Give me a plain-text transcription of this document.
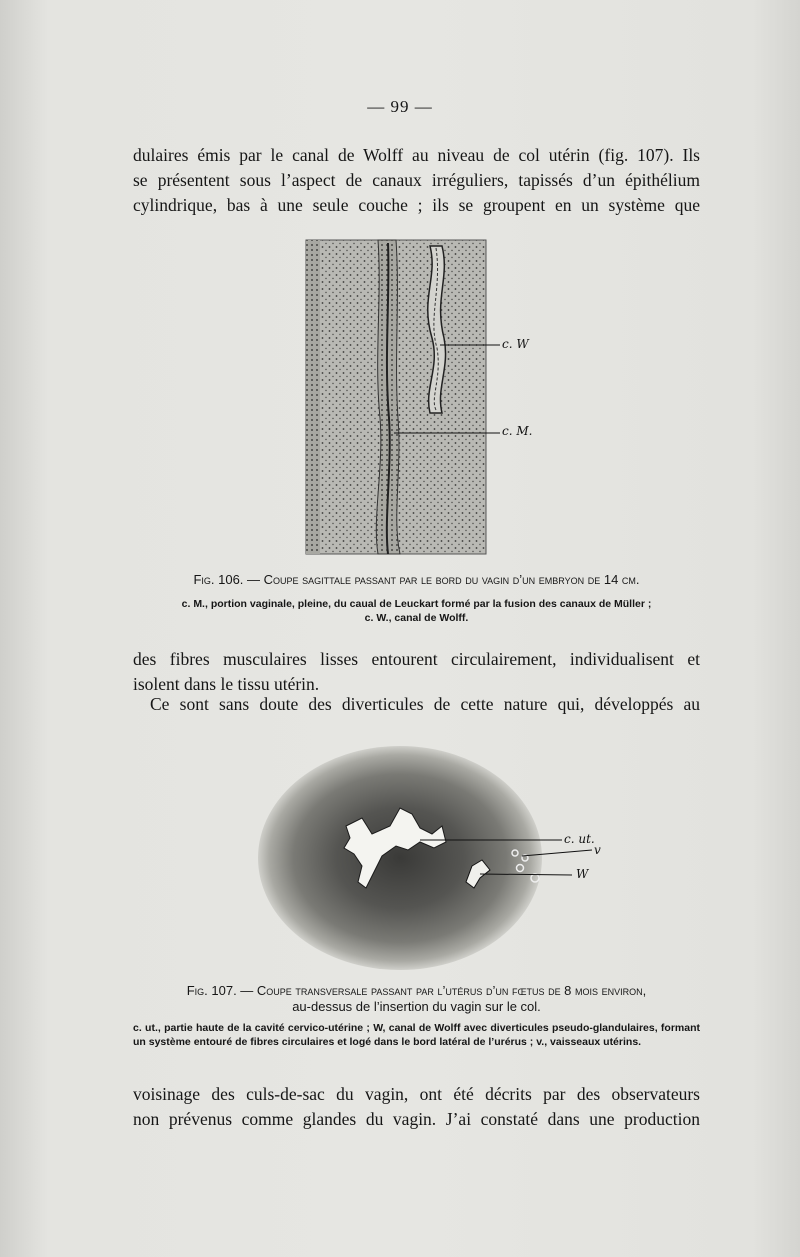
— 99 —
dulaires émis par le canal de Wolff au niveau de col utérin (fig. 107). Ils
se présentent sous l’aspect de canaux irréguliers, tapissés d’un épithélium
cylindrique, bas à une seule couche ; ils se groupent en un système que
c. W
c. M.
Fig. 106. — Coupe sagittale passant par le bord du vagin d’un embryon de 14 cm.
c. M., portion vaginale, pleine, du caual de Leuckart formé par la fusion des canaux de Müller ;
c. W., canal de Wolff.
des fibres musculaires lisses entourent circulairement, individualisent et
isolent dans le tissu utérin.
Ce sont sans doute des diverticules de cette nature qui, développés au
c. ut.
v
W
Fig. 107. — Coupe transversale passant par l’utérus d’un fœtus de 8 mois environ,
au-dessus de l’insertion du vagin sur le col.
c. ut., partie haute de la cavité cervico-utérine ; W, canal de Wolff avec diverticules pseudo-glandulaires, formant un système entouré de fibres circulaires et logé dans le bord latéral de l’urérus ; v., vaisseaux utérins.
voisinage des culs-de-sac du vagin, ont été décrits par des observateurs
non prévenus comme glandes du vagin. J’ai constaté dans une production
